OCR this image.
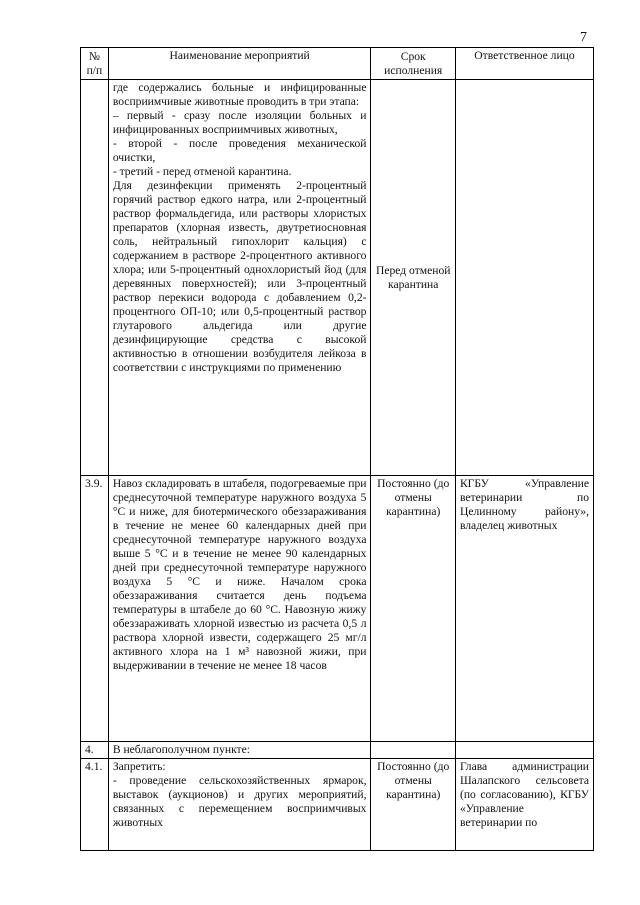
7
№ п/п	Наименование мероприятий	Срок исполнения	Ответственное лицо

	где содержались больные и инфицированные восприимчивые животные проводить в три этапа:
– первый - сразу после изоляции больных и инфицированных восприимчивых животных,
- второй - после проведения механической очистки,
- третий - перед отменой карантина.
Для дезинфекции применять 2-процентный горячий раствор едкого натра, или 2-процентный раствор формальдегида, или растворы хлористых препаратов (хлорная известь, двутретиосновная соль, нейтральный гипохлорит кальция) с содержанием в растворе 2-процентного активного хлора; или 5-процентный однохлористый йод (для деревянных поверхностей); или 3-процентный раствор перекиси водорода с добавлением 0,2-процентного ОП-10; или 0,5-процентный раствор глутарового альдегида или другие дезинфицирующие средства с высокой активностью в отношении возбудителя лейкоза в соответствии с инструкциями по применению	Перед отменой карантина	
3.9.	Навоз складировать в штабеля, подогреваемые при среднесуточной температуре наружного воздуха 5 °С и ниже, для биотермического обеззараживания в течение не менее 60 календарных дней при среднесуточной температуре наружного воздуха выше 5 °С и в течение не менее 90 календарных дней при среднесуточной температуре наружного воздуха 5 °С и ниже. Началом срока обеззараживания считается день подъема температуры в штабеле до 60 °С. Навозную жижу обеззараживать хлорной известью из расчета 0,5 л раствора хлорной извести, содержащего 25 мг/л активного хлора на 1 м³ навозной жижи, при выдерживании в течение не менее 18 часов	Постоянно (до отмены карантина)	КГБУ «Управление ветеринарии по Целинному району», владелец животных
4.	В неблагополучном пункте:		

4.1.	Запретить:
- проведение сельскохозяйственных ярмарок, выставок (аукционов) и других мероприятий, связанных с перемещением восприимчивых животных	Постоянно (до отмены карантина)	Глава администрации Шалапского сельсовета (по согласованию), КГБУ «Управление ветеринарии по
